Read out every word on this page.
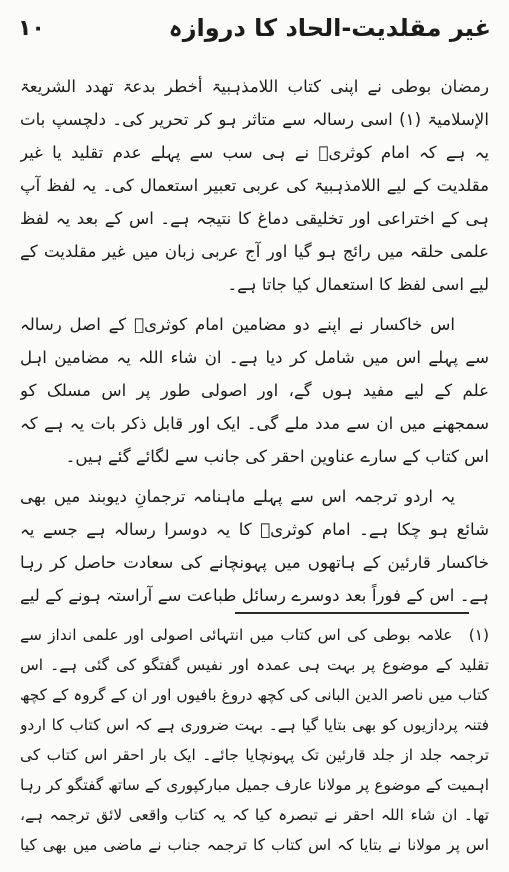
۱۰	غیر مقلدیت-الحاد کا دروازہ

رمضان بوطی نے اپنی کتاب اللامذہبیۃ أخطر بدعۃ تھدد الشریعۃ الإسلامیۃ (۱) اسی رسالہ سے متاثر ہو کر تحریر کی۔ دلچسپ بات یہ ہے کہ امام کوثریؒ نے ہی سب سے پہلے عدم تقلید یا غیر مقلدیت کے لیے اللامذہبیۃ کی عربی تعبیر استعمال کی۔ یہ لفظ آپ ہی کے اختراعی اور تخلیقی دماغ کا نتیجہ ہے۔ اس کے بعد یہ لفظ علمی حلقہ میں رائج ہو گیا اور آج عربی زبان میں غیر مقلدیت کے لیے اسی لفظ کا استعمال کیا جاتا ہے۔

اس خاکسار نے اپنے دو مضامین امام کوثریؒ کے اصل رسالہ سے پہلے اس میں شامل کر دیا ہے۔ ان شاء اللہ یہ مضامین اہل علم کے لیے مفید ہوں گے، اور اصولی طور پر اس مسلک کو سمجھنے میں ان سے مدد ملے گی۔ ایک اور قابل ذکر بات یہ ہے کہ اس کتاب کے سارے عناوین احقر کی جانب سے لگائے گئے ہیں۔

یہ اردو ترجمہ اس سے پہلے ماہنامہ ترجمانِ دیوبند میں بھی شائع ہو چکا ہے۔ امام کوثریؒ کا یہ دوسرا رسالہ ہے جسے یہ خاکسار قارئین کے ہاتھوں میں پہونچانے کی سعادت حاصل کر رہا ہے۔ اس کے فوراً بعد دوسرے رسائل طباعت سے آراستہ ہونے کے لیے

(۱) علامہ بوطی کی اس کتاب میں انتہائی اصولی اور علمی انداز سے تقلید کے موضوع پر بہت ہی عمدہ اور نفیس گفتگو کی گئی ہے۔ اس کتاب میں ناصر الدین البانی کی کچھ دروغ بافیوں اور ان کے گروہ کے کچھ فتنہ پردازیوں کو بھی بتایا گیا ہے۔ بہت ضروری ہے کہ اس کتاب کا اردو ترجمہ جلد از جلد قارئین تک پہونچایا جائے۔ ایک بار احقر اس کتاب کی اہمیت کے موضوع پر مولانا عارف جمیل مبارکپوری کے ساتھ گفتگو کر رہا تھا۔ ان شاء اللہ احقر نے تبصرہ کیا کہ یہ کتاب واقعی لائق ترجمہ ہے، اس پر مولانا نے بتایا کہ اس کتاب کا ترجمہ جناب نے ماضی میں بھی کیا
